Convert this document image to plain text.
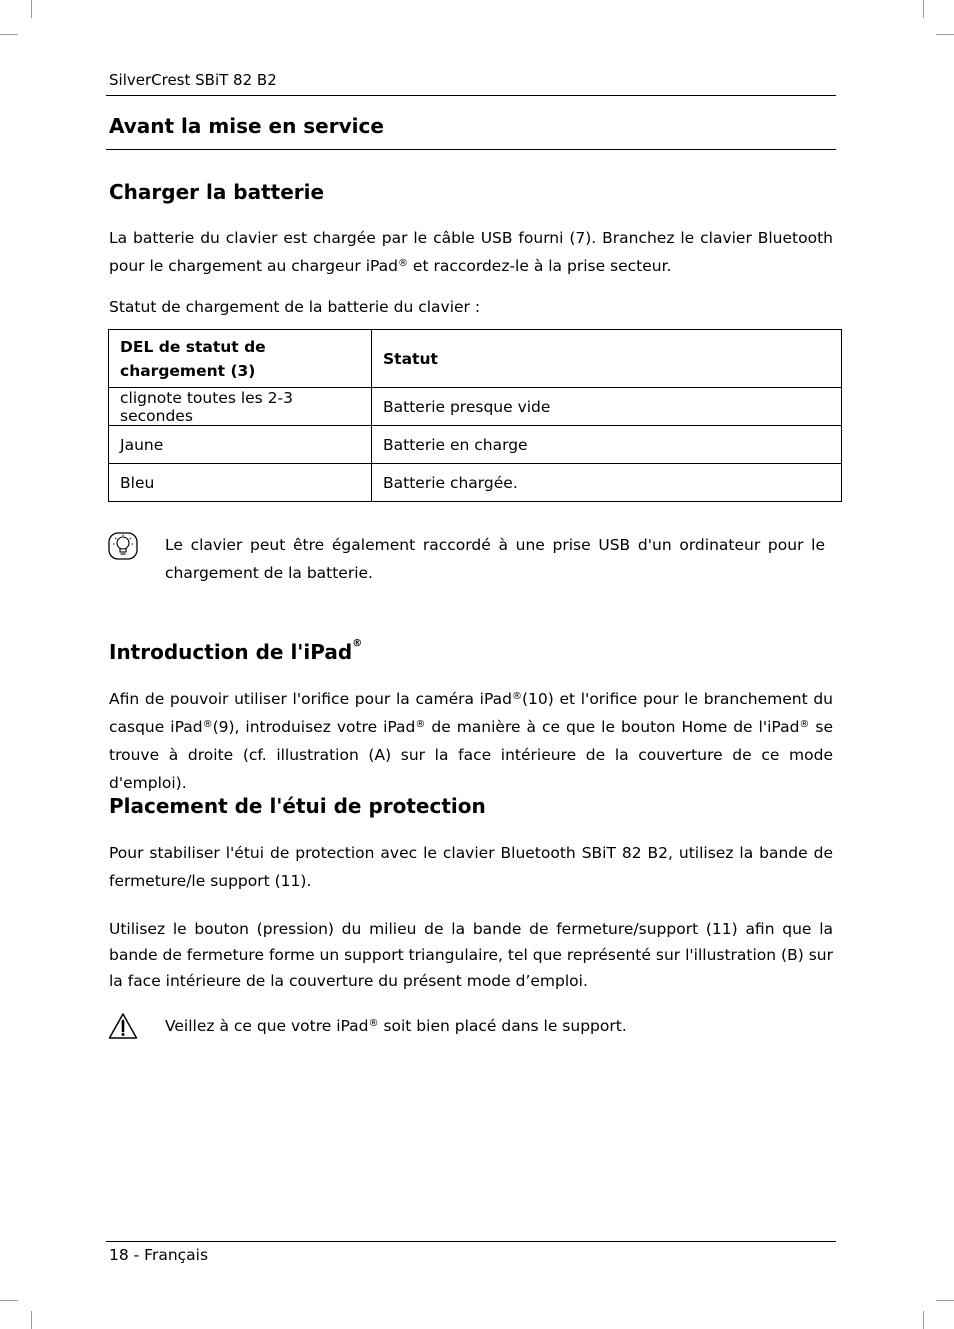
SilverCrest SBiT 82 B2
Avant la mise en service
Charger la batterie

La batterie du clavier est chargée par le câble USB fourni (7). Branchez le clavier Bluetooth pour le chargement au chargeur iPad® et raccordez-le à la prise secteur.

Statut de chargement de la batterie du clavier :

DEL de statut de chargement (3)	Statut
clignote toutes les 2-3 secondes	Batterie presque vide
Jaune	Batterie en charge
Bleu	Batterie chargée.

Le clavier peut être également raccordé à une prise USB d'un ordinateur pour le chargement de la batterie.

Introduction de l'iPad®

Afin de pouvoir utiliser l'orifice pour la caméra iPad®(10) et l'orifice pour le branchement du casque iPad®(9), introduisez votre iPad® de manière à ce que le bouton Home de l'iPad® se trouve à droite (cf. illustration (A) sur la face intérieure de la couverture de ce mode d'emploi).

Placement de l'étui de protection

Pour stabiliser l'étui de protection avec le clavier Bluetooth SBiT 82 B2, utilisez la bande de fermeture/le support (11).

Utilisez le bouton (pression) du milieu de la bande de fermeture/support (11) afin que la bande de fermeture forme un support triangulaire, tel que représenté sur l'illustration (B) sur la face intérieure de la couverture du présent mode d’emploi.

Veillez à ce que votre iPad® soit bien placé dans le support.

18 - Français
